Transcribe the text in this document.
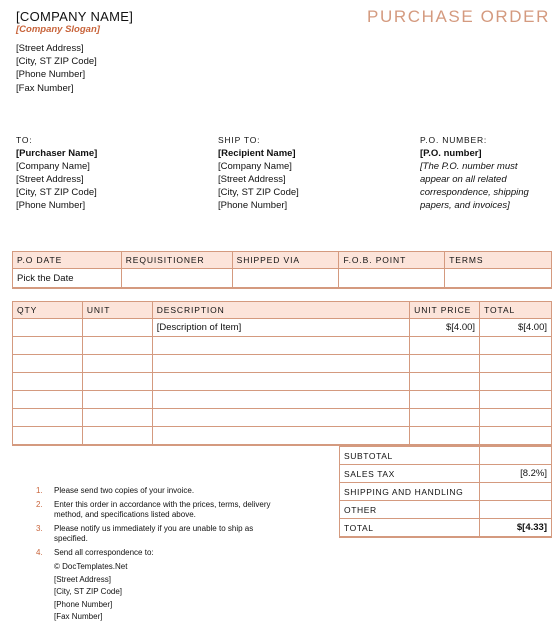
[COMPANY NAME]
[Company Slogan]
[Street Address]
[City, ST ZIP Code]
[Phone Number]
[Fax Number]
PURCHASE ORDER
TO:
[Purchaser Name]
[Company Name]
[Street Address]
[City, ST ZIP Code]
[Phone Number]
SHIP TO:
[Recipient Name]
[Company Name]
[Street Address]
[City, ST ZIP Code]
[Phone Number]
P.O. NUMBER:
[P.O. number]
[The P.O. number must
appear on all related
correspondence, shipping
papers, and invoices]
P.O DATE	REQUISITIONER	SHIPPED VIA	F.O.B. POINT	TERMS
Pick the Date				
QTY	UNIT	DESCRIPTION	UNIT PRICE	TOTAL
		[Description of Item]	$[4.00]	$[4.00]

SUBTOTAL	
SALES TAX	[8.2%]
SHIPPING AND HANDLING	
OTHER	
TOTAL	$[4.33]
1. Please send two copies of your invoice.
2. Enter this order in accordance with the prices, terms, delivery method, and specifications listed above.
3. Please notify us immediately if you are unable to ship as specified.
4. Send all correspondence to:
© DocTemplates.Net
[Street Address]
[City, ST ZIP Code]
[Phone Number]
[Fax Number]
